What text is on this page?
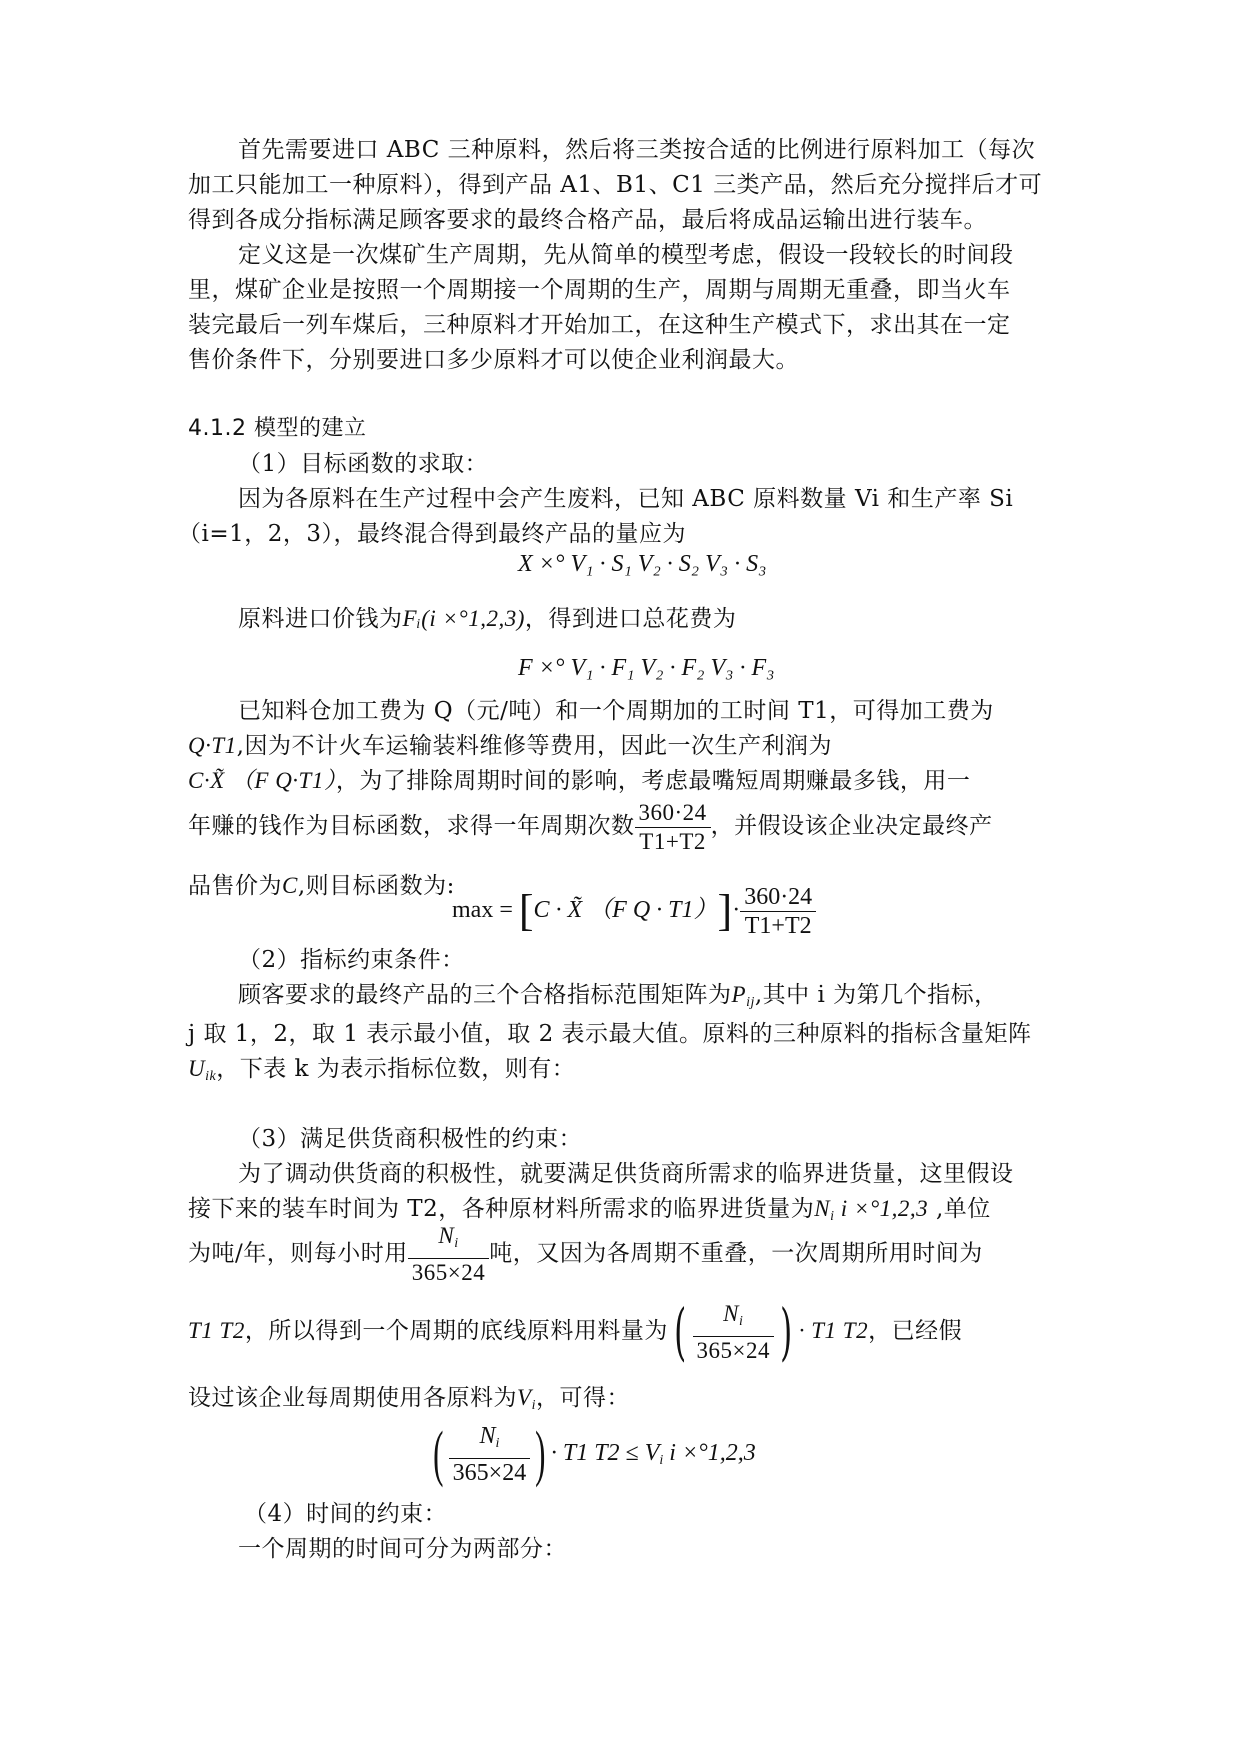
首先需要进口 ABC 三种原料，然后将三类按合适的比例进行原料加工（每次
加工只能加工一种原料），得到产品 A1、B1、C1 三类产品，然后充分搅拌后才可
得到各成分指标满足顾客要求的最终合格产品，最后将成品运输出进行装车。
定义这是一次煤矿生产周期，先从简单的模型考虑，假设一段较长的时间段
里，煤矿企业是按照一个周期接一个周期的生产，周期与周期无重叠，即当火车
装完最后一列车煤后，三种原料才开始加工，在这种生产模式下，求出其在一定
售价条件下，分别要进口多少原料才可以使企业利润最大。
4.1.2 模型的建立
（1）目标函数的求取：
因为各原料在生产过程中会产生废料，已知 ABC 原料数量 Vi 和生产率 Si
（i=1，2，3），最终混合得到最终产品的量应为
X ×° V₁ · S₁ V₂ · S₂ V₃ · S₃
原料进口价钱为Fᵢ(i ×°1,2,3)，得到进口总花费为
F ×° V₁ · F₁ V₂ · F₂ V₃ · F₃
已知料仓加工费为 Q（元/吨）和一个周期加的工时间 T1，可得加工费为
Q·T1,因为不计火车运输装料维修等费用，因此一次生产利润为
C·X̃ （F Q·T1），为了排除周期时间的影响，考虑最嘴短周期赚最多钱，用一
年赚的钱作为目标函数，求得一年周期次数 $\frac{360\cdot 24}{T1+T2}$ ，并假设该企业决定最终产
品售价为C,则目标函数为:
max = [C · X̃ （F $Q \cdot T1)]\cdot \frac{360\cdot 24}{T1+T2}$
（2）指标约束条件：
顾客要求的最终产品的三个合格指标范围矩阵为$P_{ij}$,其中 i 为第几个指标，
j 取 1，2，取 1 表示最小值，取 2 表示最大值。原料的三种原料的指标含量矩阵
$U_{ik}$，下表 k 为表示指标位数，则有：
（3）满足供货商积极性的约束：
为了调动供货商的积极性，就要满足供货商所需求的临界进货量，这里假设
接下来的装车时间为 T2，各种原材料所需求的临界进货量为$N_i$ i ×°1,2,3 ,单位
为吨/年，则每小时用 $\frac{N_i}{365\times 24}$ 吨，又因为各周期不重叠，一次周期所用时间为
T1 T2，所以得到一个周期的底线原料用料量为( $\frac{N_i}{365\times 24}$ ) · T1 T2，已经假
设过该企业每周期使用各原料为$V_i$，可得：
( $\frac{N_i}{365\times 24}$ ) · T1 $T2 \le V_i$ i ×°1,2,3
（4）时间的约束：
一个周期的时间可分为两部分：
